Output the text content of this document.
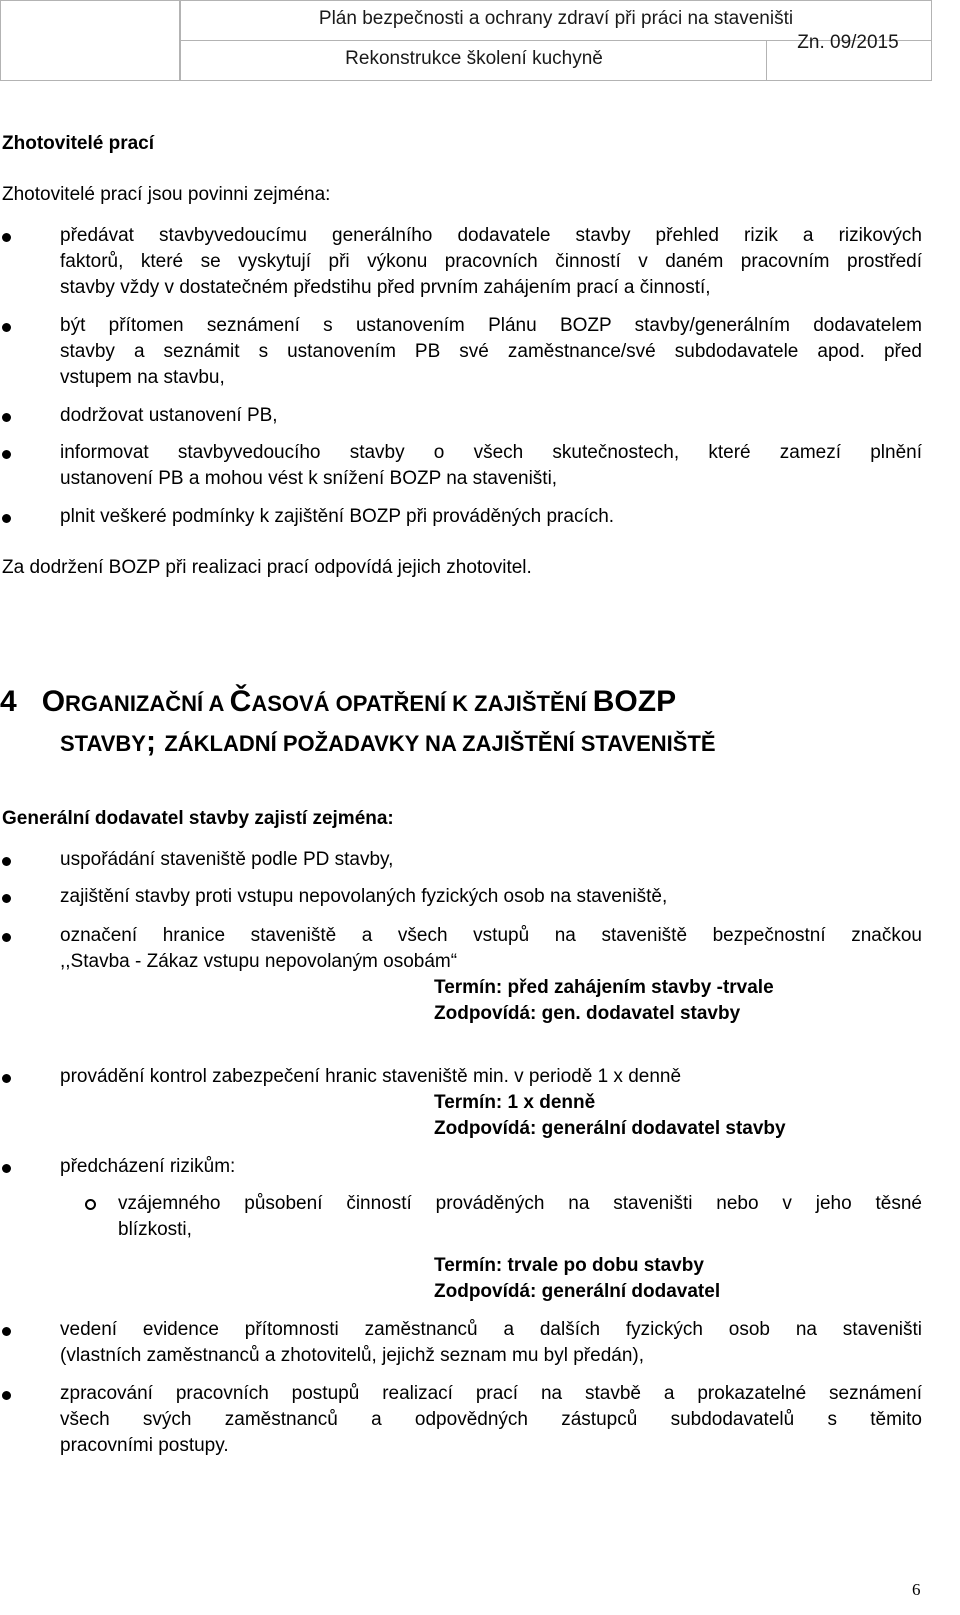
Plán bezpečnosti a ochrany zdraví při práci na staveništi
Rekonstrukce školení kuchyně
Zn. 09/2015
Zhotovitelé prací
Zhotovitelé prací jsou povinni zejména:
předávat stavbyvedoucímu generálního dodavatele stavby přehled rizik a rizikových
faktorů, které se vyskytují při výkonu pracovních činností v daném pracovním prostředí
stavby vždy v dostatečném předstihu před prvním zahájením prací a činností,
být přítomen seznámení s ustanovením Plánu BOZP stavby/generálním dodavatelem
stavby a seznámit s ustanovením PB své zaměstnance/své subdodavatele apod. před
vstupem na stavbu,
dodržovat ustanovení PB,
informovat stavbyvedoucího stavby o všech skutečnostech, které zamezí plnění
ustanovení PB a mohou vést k snížení BOZP na staveništi,
plnit veškeré podmínky k zajištění BOZP při prováděných pracích.
Za dodržení BOZP při realizaci prací odpovídá jejich zhotovitel.
4 ORGANIZAČNÍ A ČASOVÁ OPATŘENÍ K ZAJIŠTĚNÍ BOZP
STAVBY; ZÁKLADNÍ POŽADAVKY NA ZAJIŠTĚNÍ STAVENIŠTĚ
Generální dodavatel stavby zajistí zejména:
uspořádání staveniště podle PD stavby,
zajištění stavby proti vstupu nepovolaných fyzických osob na staveniště,
označení hranice staveniště a všech vstupů na staveniště bezpečnostní značkou
,,Stavba - Zákaz vstupu nepovolaným osobám“
Termín: před zahájením stavby -trvale
Zodpovídá: gen. dodavatel stavby
provádění kontrol zabezpečení hranic staveniště min. v periodě 1 x denně
Termín: 1 x denně
Zodpovídá: generální dodavatel stavby
předcházení rizikům:
vzájemného působení činností prováděných na staveništi nebo v jeho těsné
blízkosti,
Termín: trvale po dobu stavby
Zodpovídá: generální dodavatel
vedení evidence přítomnosti zaměstnanců a dalších fyzických osob na staveništi
(vlastních zaměstnanců a zhotovitelů, jejichž seznam mu byl předán),
zpracování pracovních postupů realizací prací na stavbě a prokazatelné seznámení
všech svých zaměstnanců a odpovědných zástupců subdodavatelů s těmito
pracovními postupy.
6
